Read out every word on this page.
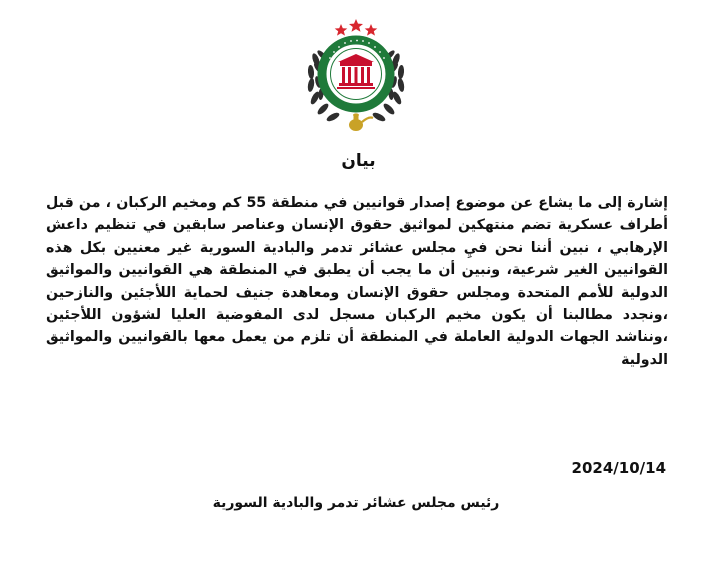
بيان
إشارة إلى ما يشاع عن موضوع إصدار قوانيين في منطقة 55 كم ومخيم الركبان ، من قبل أطراف عسكرية تضم منتهكين لمواثيق حقوق الإنسان وعناصر سابقين في تنظيم داعش الإرهابي ، نبين أننا نحن فيِ مجلس عشائر تدمر والبادية السورية غير معنيين بكل هذه القوانيين الغير شرعية، ونبين أن ما يجب أن يطبق في المنطقة هي القوانيين والمواثيق الدولية للأمم المتحدة ومجلس حقوق الإنسان ومعاهدة جنيف لحماية اللأجئين والنازحين ،ونجدد مطالبنا أن يكون مخيم الركبان مسجل لدى المفوضية العليا لشؤون اللأجئين ،ونناشد الجهات الدولية العاملة في المنطقة أن تلزم من يعمل معها بالقوانيين والمواثيق الدولية
2024/10/14
رئيس مجلس عشائر تدمر والبادية السورية
